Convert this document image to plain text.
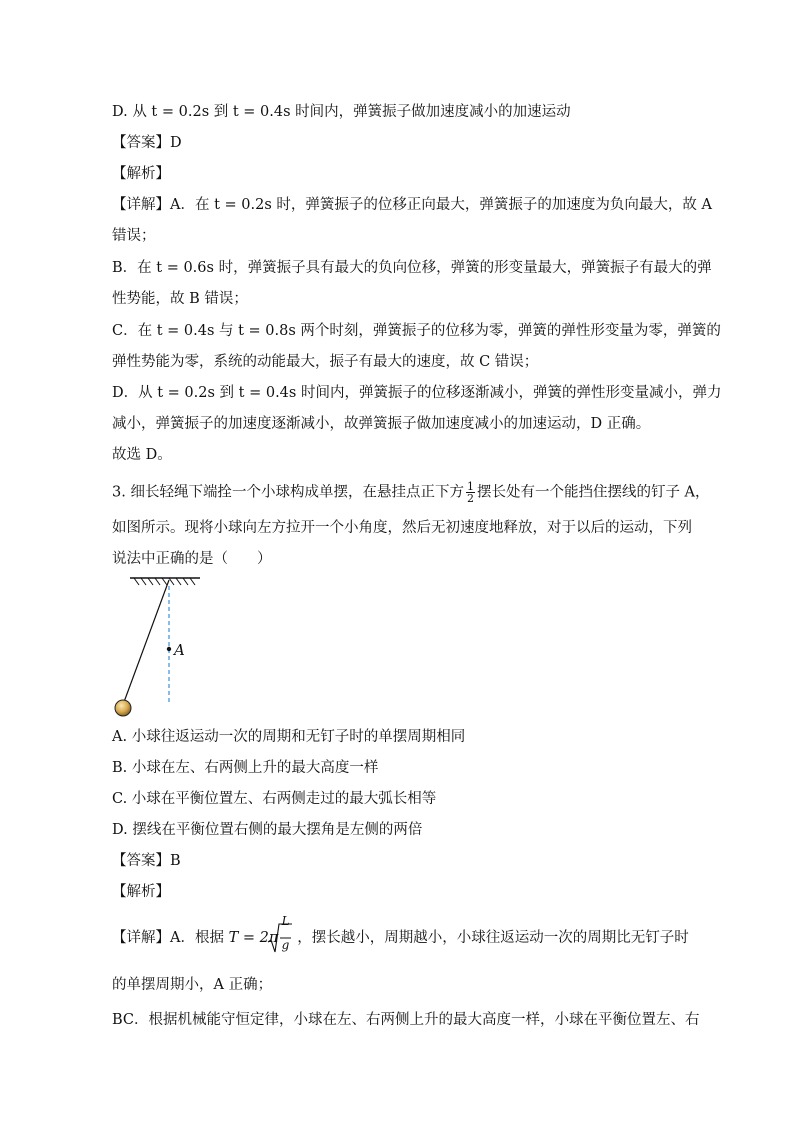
D. 从 t = 0.2s 到 t = 0.4s 时间内，弹簧振子做加速度减小的加速运动
【答案】D
【解析】
【详解】A．在 t = 0.2s 时，弹簧振子的位移正向最大，弹簧振子的加速度为负向最大，故 A
错误；
B．在 t = 0.6s 时，弹簧振子具有最大的负向位移，弹簧的形变量最大，弹簧振子有最大的弹
性势能，故 B 错误；
C．在 t = 0.4s 与 t = 0.8s 两个时刻，弹簧振子的位移为零，弹簧的弹性形变量为零，弹簧的
弹性势能为零，系统的动能最大，振子有最大的速度，故 C 错误；
D．从 t = 0.2s 到 t = 0.4s 时间内，弹簧振子的位移逐渐减小，弹簧的弹性形变量减小，弹力
减小，弹簧振子的加速度逐渐减小，故弹簧振子做加速度减小的加速运动，D 正确。
故选 D。
3. 细长轻绳下端拴一个小球构成单摆，在悬挂点正下方 $\frac{1}{2}$ 摆长处有一个能挡住摆线的钉子 A，
如图所示。现将小球向左方拉开一个小角度，然后无初速度地释放，对于以后的运动，下列
说法中正确的是（　　）
A
A. 小球往返运动一次的周期和无钉子时的单摆周期相同
B. 小球在左、右两侧上升的最大高度一样
C. 小球在平衡位置左、右两侧走过的最大弧长相等
D. 摆线在平衡位置右侧的最大摆角是左侧的两倍
【答案】B
【解析】
【详解】A．根据 T = 2π
L
g ，摆长越小，周期越小，小球往返运动一次的周期比无钉子时
的单摆周期小，A 正确；
BC．根据机械能守恒定律，小球在左、右两侧上升的最大高度一样，小球在平衡位置左、右
